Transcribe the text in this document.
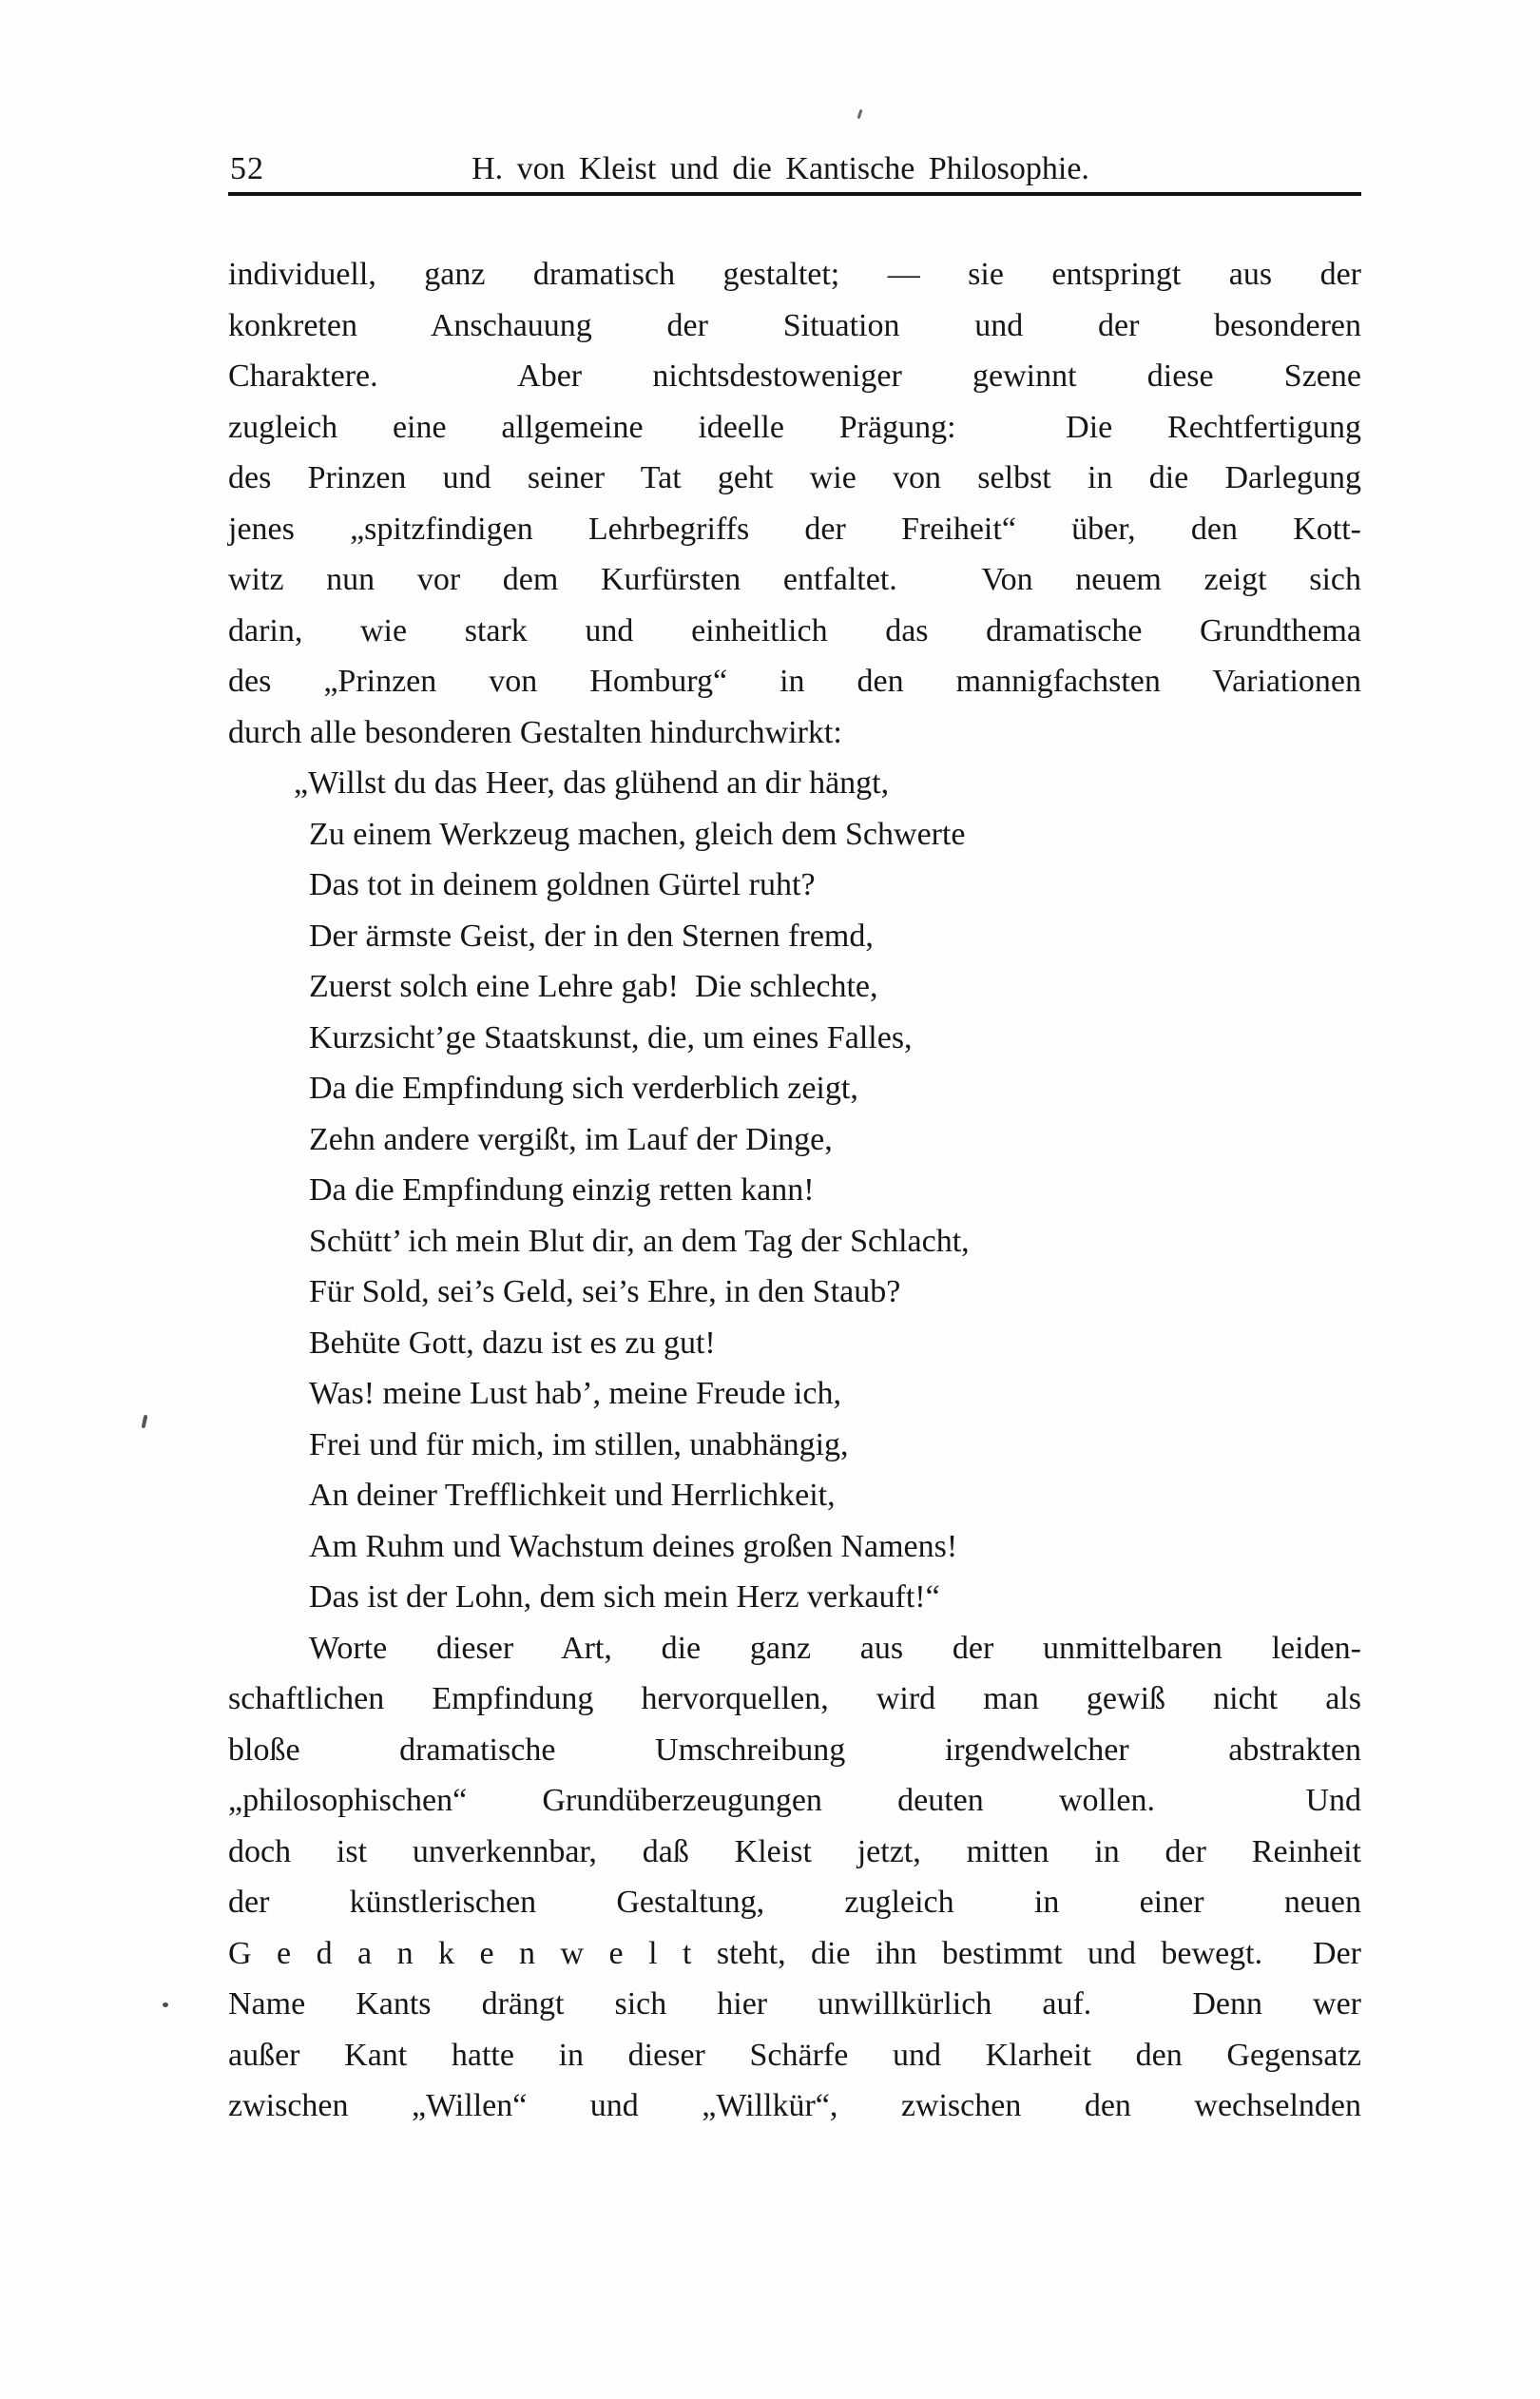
52	H. von Kleist und die Kantische Philosophie.
individuell, ganz dramatisch gestaltet; — sie entspringt aus der
konkreten Anschauung der Situation und der besonderen
Charaktere.  Aber nichtsdestoweniger gewinnt diese Szene
zugleich eine allgemeine ideelle Prägung:  Die Rechtfertigung
des Prinzen und seiner Tat geht wie von selbst in die Darlegung
jenes „spitzfindigen Lehrbegriffs der Freiheit“ über, den Kott-
witz nun vor dem Kurfürsten entfaltet.  Von neuem zeigt sich
darin, wie stark und einheitlich das dramatische Grundthema
des „Prinzen von Homburg“ in den mannigfachsten Variationen
durch alle besonderen Gestalten hindurchwirkt:
„Willst du das Heer, das glühend an dir hängt,
Zu einem Werkzeug machen, gleich dem Schwerte
Das tot in deinem goldnen Gürtel ruht?
Der ärmste Geist, der in den Sternen fremd,
Zuerst solch eine Lehre gab!  Die schlechte,
Kurzsicht’ge Staatskunst, die, um eines Falles,
Da die Empfindung sich verderblich zeigt,
Zehn andere vergißt, im Lauf der Dinge,
Da die Empfindung einzig retten kann!
Schütt’ ich mein Blut dir, an dem Tag der Schlacht,
Für Sold, sei’s Geld, sei’s Ehre, in den Staub?
Behüte Gott, dazu ist es zu gut!
Was! meine Lust hab’, meine Freude ich,
Frei und für mich, im stillen, unabhängig,
An deiner Trefflichkeit und Herrlichkeit,
Am Ruhm und Wachstum deines großen Namens!
Das ist der Lohn, dem sich mein Herz verkauft!“
Worte dieser Art, die ganz aus der unmittelbaren leiden-
schaftlichen Empfindung hervorquellen, wird man gewiß nicht als
bloße dramatische Umschreibung irgendwelcher abstrakten
„philosophischen“ Grundüberzeugungen deuten wollen.  Und
doch ist unverkennbar, daß Kleist jetzt, mitten in der Reinheit
der künstlerischen Gestaltung, zugleich in einer neuen
G e d a n k e n w e l t steht, die ihn bestimmt und bewegt.  Der
Name Kants drängt sich hier unwillkürlich auf.  Denn wer
außer Kant hatte in dieser Schärfe und Klarheit den Gegensatz
zwischen „Willen“ und „Willkür“, zwischen den wechselnden
